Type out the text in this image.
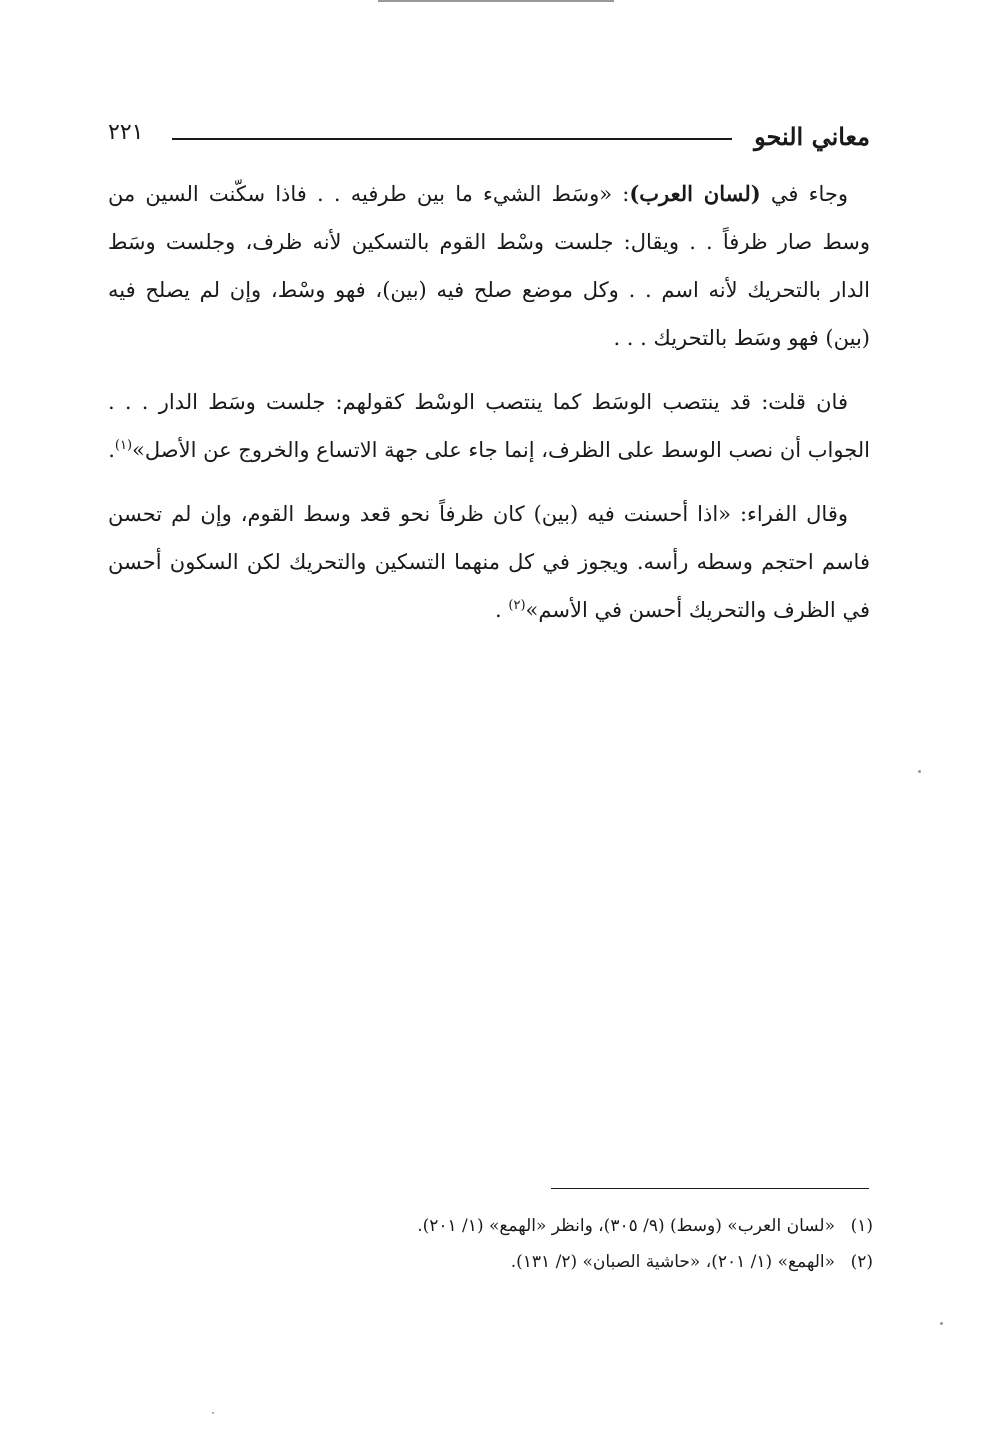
معاني النحو
٢٢١

وجاء في (لسان العرب): «وسَط الشيء ما بين طرفيه . . فاذا سكّنت السين من وسط صار ظرفاً . . ويقال: جلست وسْط القوم بالتسكين لأنه ظرف، وجلست وسَط الدار بالتحريك لأنه اسم . . وكل موضع صلح فيه (بين)، فهو وسْط، وإن لم يصلح فيه (بين) فهو وسَط بالتحريك . . .

فان قلت: قد ينتصب الوسَط كما ينتصب الوسْط كقولهم: جلست وسَط الدار . . . الجواب أن نصب الوسط على الظرف، إنما جاء على جهة الاتساع والخروج عن الأصل»$^{(١)}$.

وقال الفراء: «اذا أحسنت فيه (بين) كان ظرفاً نحو قعد وسط القوم، وإن لم تحسن فاسم احتجم وسطه رأسه. ويجوز في كل منهما التسكين والتحريك لكن السكون أحسن في الظرف والتحريك أحسن في الأسم»$^{(٢)}$ .

(١)«لسان العرب» (وسط) (٩/ ٣٠٥)، وانظر «الهمع» (١/ ٢٠١).
(٢)«الهمع» (١/ ٢٠١)، «حاشية الصبان» (٢/ ١٣١).
